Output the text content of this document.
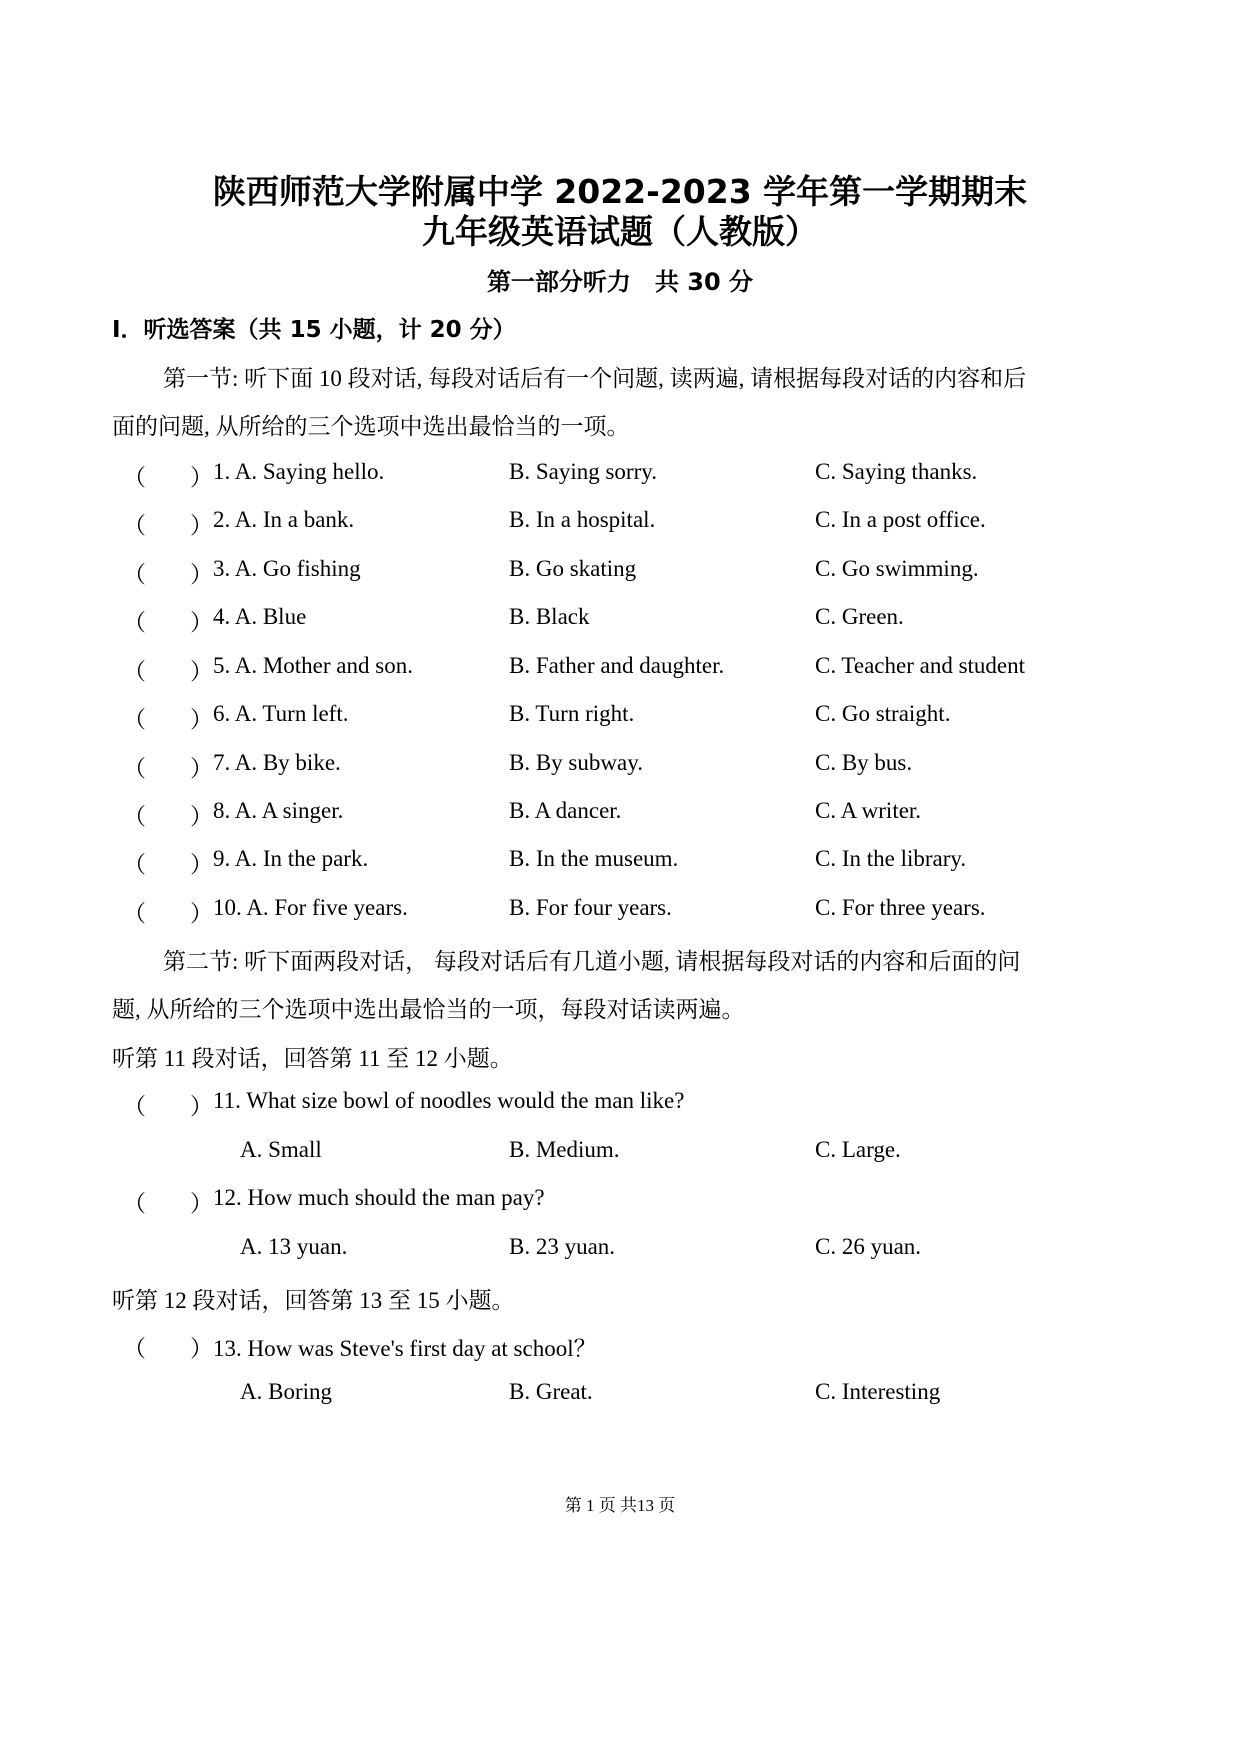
陕西师范大学附属中学 2022-2023 学年第一学期期末
九年级英语试题（人教版）
第一部分听力　共 30 分
Ⅰ．听选答案（共 15 小题，计 20 分）
第一节: 听下面 10 段对话, 每段对话后有一个问题, 读两遍, 请根据每段对话的内容和后
面的问题, 从所给的三个选项中选出最恰当的一项。
（ ） 1. A. Saying hello.	B. Saying sorry.	C. Saying thanks.
（ ） 2. A. In a bank.	B. In a hospital.	C. In a post office.
（ ） 3. A. Go fishing	B. Go skating	C. Go swimming.
（ ） 4. A. Blue	B. Black	C. Green.
（ ） 5. A. Mother and son.	B. Father and daughter.	C. Teacher and student
（ ） 6. A. Turn left.	B. Turn right.	C. Go straight.
（ ） 7. A. By bike.	B. By subway.	C. By bus.
（ ） 8. A. A singer.	B. A dancer.	C. A writer.
（ ） 9. A. In the park.	B. In the museum.	C. In the library.
（ ） 10. A. For five years.	B. For four years.	C. For three years.
第二节: 听下面两段对话， 每段对话后有几道小题, 请根据每段对话的内容和后面的问
题, 从所给的三个选项中选出最恰当的一项，每段对话读两遍。
听第 11 段对话，回答第 11 至 12 小题。
（ ） 11. What size bowl of noodles would the man like?
A. Small	B. Medium.	C. Large.
（ ） 12. How much should the man pay?
A. 13 yuan.	B. 23 yuan.	C. 26 yuan.
听第 12 段对话，回答第 13 至 15 小题。
（ ） 13. How was Steve's first day at school？
A. Boring	B. Great.	C. Interesting
第 1 页 共13 页
